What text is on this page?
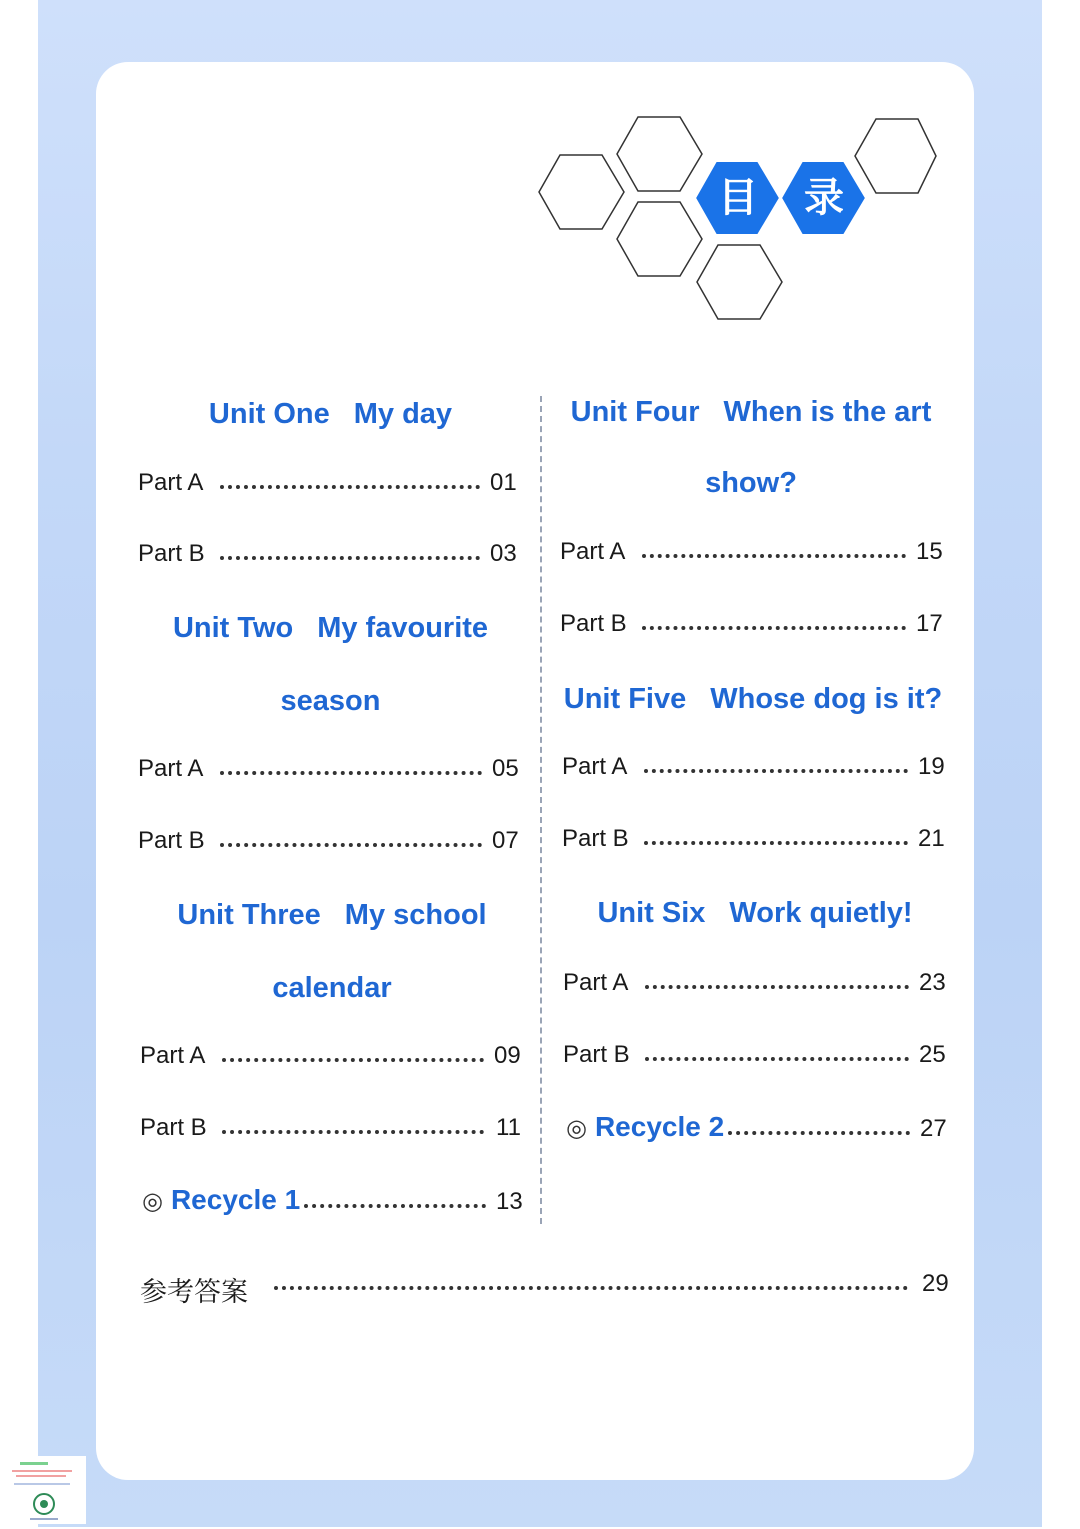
目 录
Unit One My day
Part A	01
Part B	03
Unit Two My favourite
season
Part A	05
Part B	07
Unit Three My school
calendar
Part A	09
Part B	11
◎ Recycle 1	13
Unit Four When is the art
show?
Part A	15
Part B	17
Unit Five Whose dog is it?
Part A	19
Part B	21
Unit Six Work quietly!
Part A	23
Part B	25
◎ Recycle 2	27
参考答案	29
